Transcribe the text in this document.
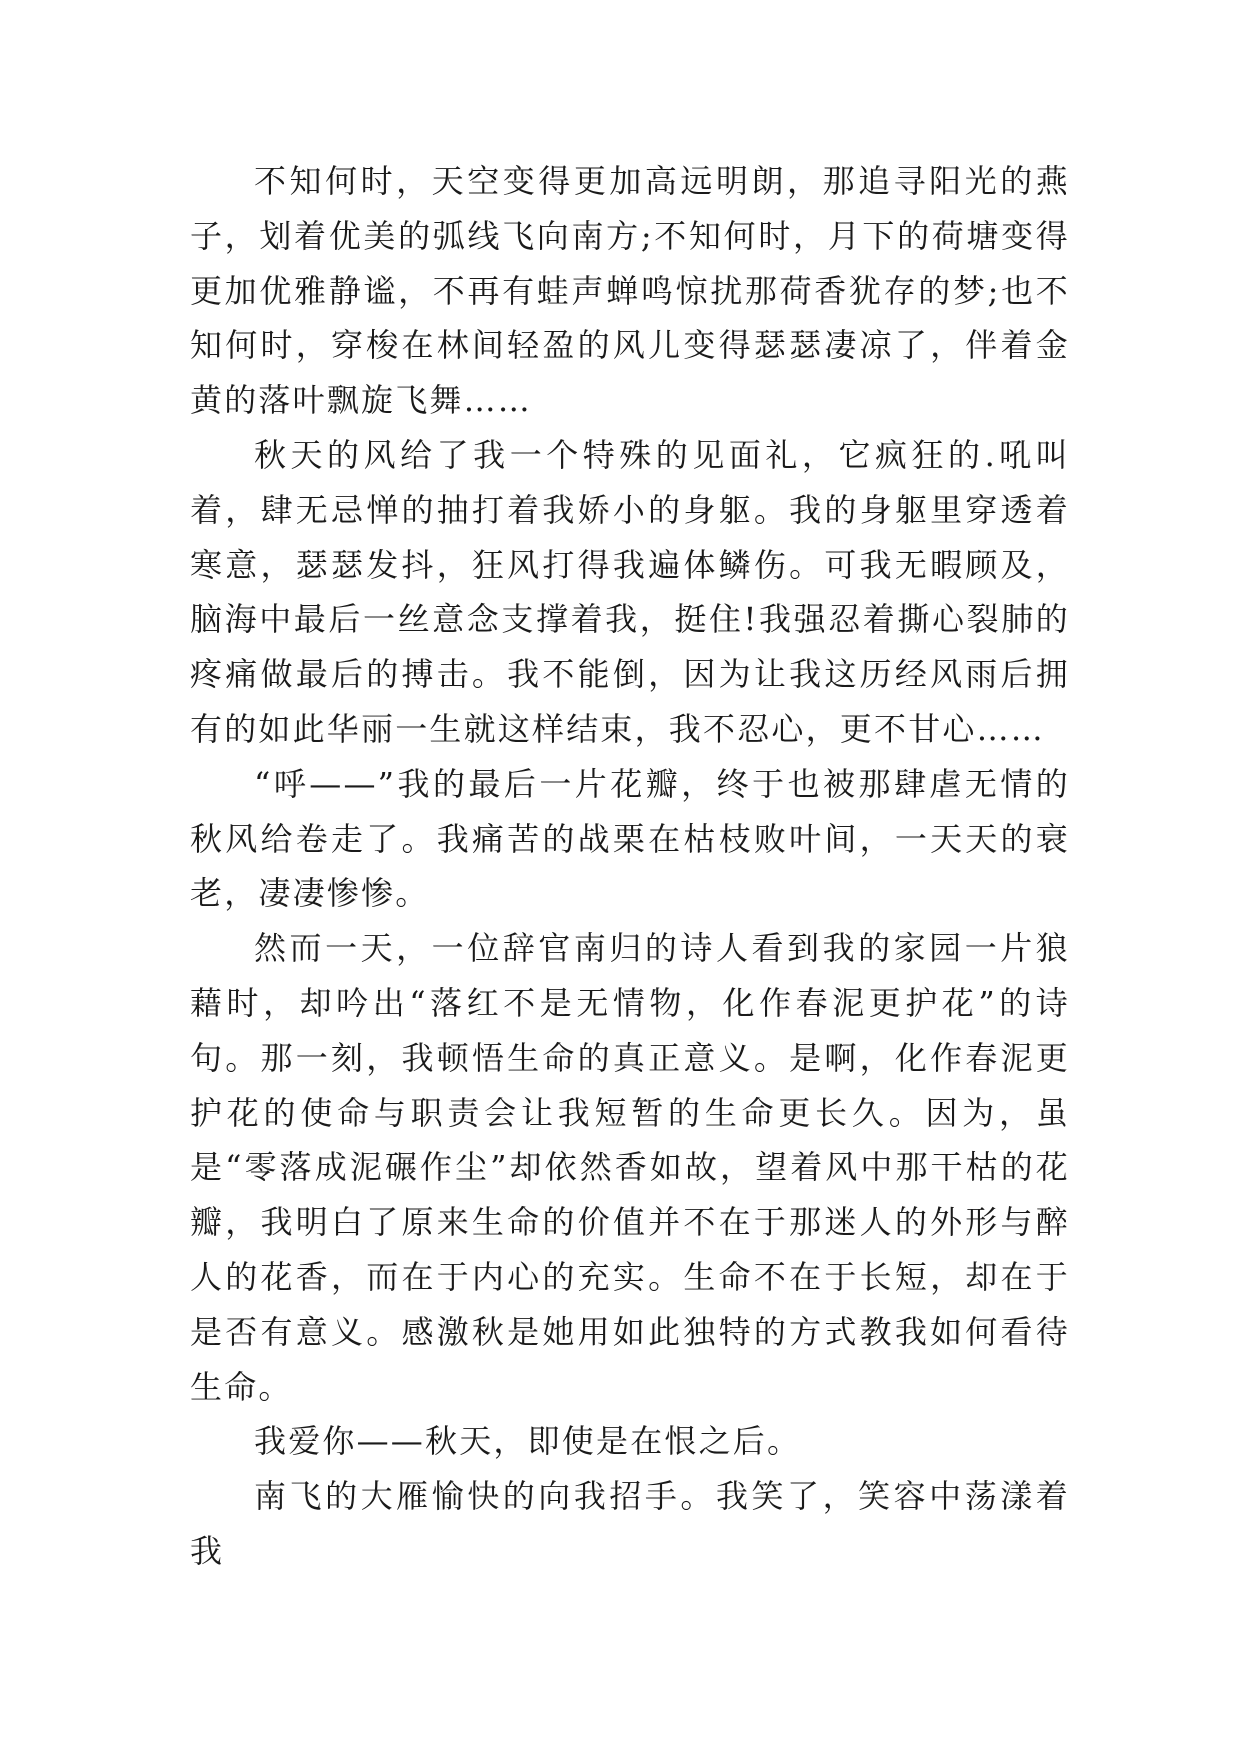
不知何时，天空变得更加高远明朗，那追寻阳光的燕子，划着优美的弧线飞向南方;不知何时，月下的荷塘变得更加优雅静谧，不再有蛙声蝉鸣惊扰那荷香犹存的梦;也不知何时，穿梭在林间轻盈的风儿变得瑟瑟凄凉了，伴着金黄的落叶飘旋飞舞……

秋天的风给了我一个特殊的见面礼，它疯狂的.吼叫着，肆无忌惮的抽打着我娇小的身躯。我的身躯里穿透着寒意，瑟瑟发抖，狂风打得我遍体鳞伤。可我无暇顾及，脑海中最后一丝意念支撑着我，挺住!我强忍着撕心裂肺的疼痛做最后的搏击。我不能倒，因为让我这历经风雨后拥有的如此华丽一生就这样结束，我不忍心，更不甘心……

“呼——”我的最后一片花瓣，终于也被那肆虐无情的秋风给卷走了。我痛苦的战栗在枯枝败叶间，一天天的衰老，凄凄惨惨。

然而一天，一位辞官南归的诗人看到我的家园一片狼藉时，却吟出“落红不是无情物，化作春泥更护花”的诗句。那一刻，我顿悟生命的真正意义。是啊，化作春泥更护花的使命与职责会让我短暂的生命更长久。因为，虽是“零落成泥碾作尘”却依然香如故，望着风中那干枯的花瓣，我明白了原来生命的价值并不在于那迷人的外形与醉人的花香，而在于内心的充实。生命不在于长短，却在于是否有意义。感激秋是她用如此独特的方式教我如何看待生命。

我爱你——秋天，即使是在恨之后。

南飞的大雁愉快的向我招手。我笑了，笑容中荡漾着我
